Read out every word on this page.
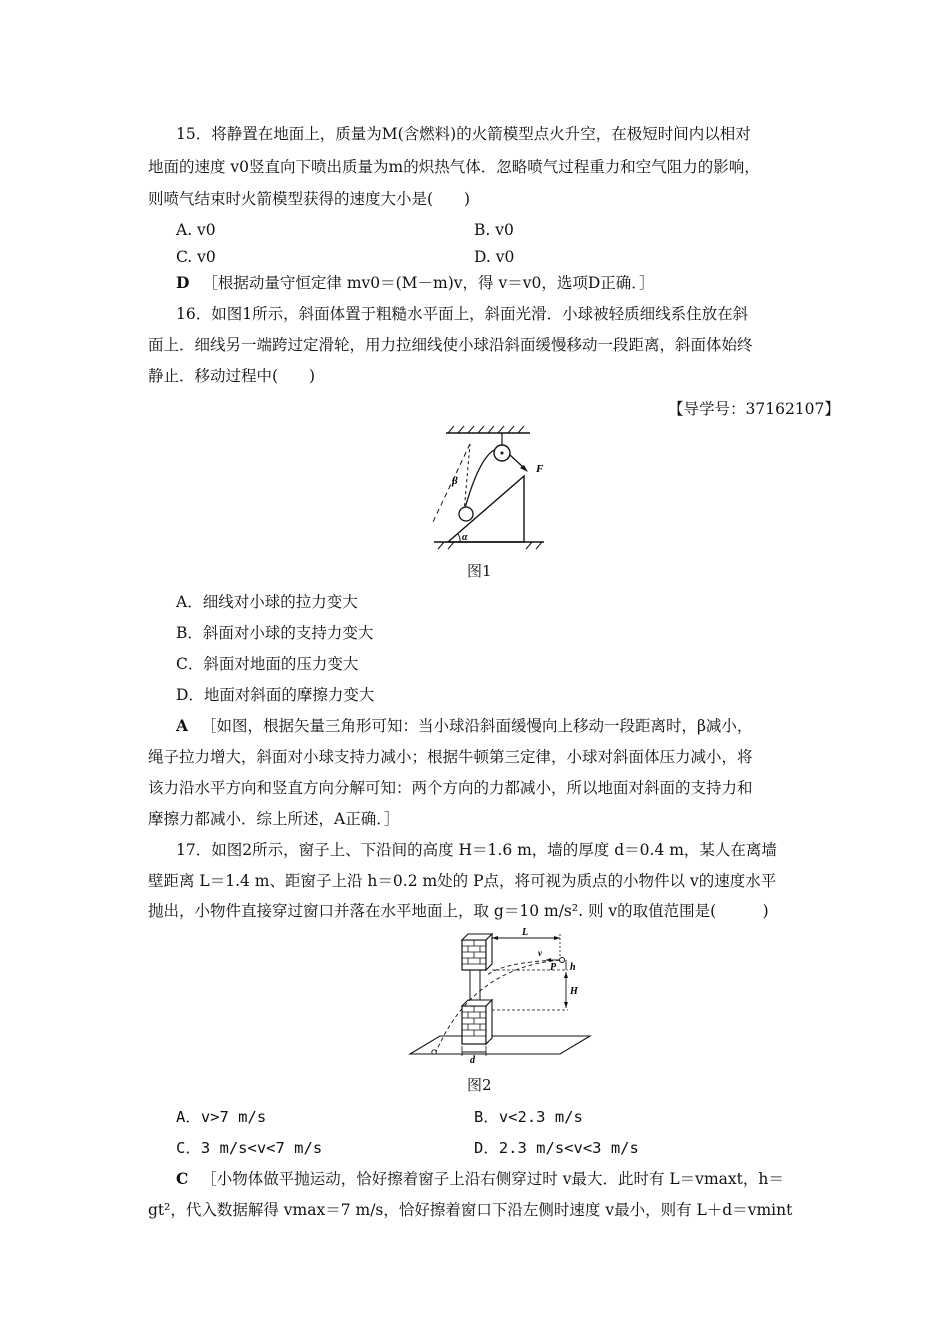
15．将静置在地面上，质量为M(含燃料)的火箭模型点火升空，在极短时间内以相对
地面的速度 v0竖直向下喷出质量为m的炽热气体．忽略喷气过程重力和空气阻力的影响，
则喷气结束时火箭模型获得的速度大小是(　　)
A. v0	B. v0
C. v0	D. v0
D ［根据动量守恒定律 mv0＝(M－m)v，得 v＝v0，选项D正确．］
16．如图1所示，斜面体置于粗糙水平面上，斜面光滑．小球被轻质细线系住放在斜
面上．细线另一端跨过定滑轮，用力拉细线使小球沿斜面缓慢移动一段距离，斜面体始终
静止．移动过程中(　　)
【导学号：37162107】
F
β
α
图1
A．细线对小球的拉力变大
B．斜面对小球的支持力变大
C．斜面对地面的压力变大
D．地面对斜面的摩擦力变大
A ［如图，根据矢量三角形可知：当小球沿斜面缓慢向上移动一段距离时，β减小，
绳子拉力增大，斜面对小球支持力减小；根据牛顿第三定律，小球对斜面体压力减小，将
该力沿水平方向和竖直方向分解可知：两个方向的力都减小，所以地面对斜面的支持力和
摩擦力都减小．综上所述，A正确．］
17．如图2所示，窗子上、下沿间的高度 H＝1.6 m，墙的厚度 d＝0.4 m，某人在离墙
壁距离 L＝1.4 m、距窗子上沿 h＝0.2 m处的 P点，将可视为质点的小物件以 v的速度水平
抛出，小物件直接穿过窗口并落在水平地面上，取 g＝10 m/s². 则 v的取值范围是(　　　)
L
v
P h
H
d
图2
A．v>7 m/s	B．v<2.3 m/s
C．3 m/s<v<7 m/s	D．2.3 m/s<v<3 m/s
C ［小物体做平抛运动，恰好擦着窗子上沿右侧穿过时 v最大．此时有 L＝vmaxt，h＝
gt²，代入数据解得 vmax＝7 m/s，恰好擦着窗口下沿左侧时速度 v最小，则有 L＋d＝vmint
